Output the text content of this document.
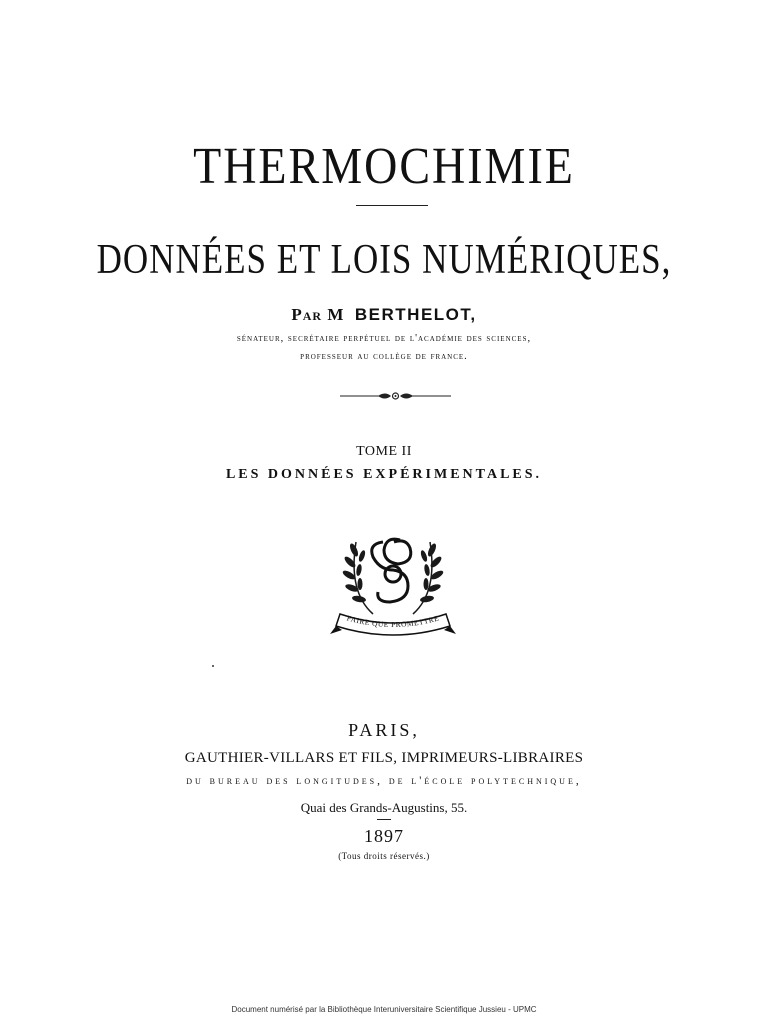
THERMOCHIMIE
DONNÉES ET LOIS NUMÉRIQUES,
Par M BERTHELOT,
sénateur, secrétaire perpétuel de l'académie des sciences,
professeur au collège de france.
TOME II
LES DONNÉES EXPÉRIMENTALES.
FAIRE QUE PROMETTRE
PARIS,
GAUTHIER-VILLARS ET FILS, IMPRIMEURS-LIBRAIRES
du bureau des longitudes, de l'école polytechnique,
Quai des Grands-Augustins, 55.
1897
(Tous droits réservés.)
Document numérisé par la Bibliothèque Interuniversitaire Scientifique Jussieu - UPMC
